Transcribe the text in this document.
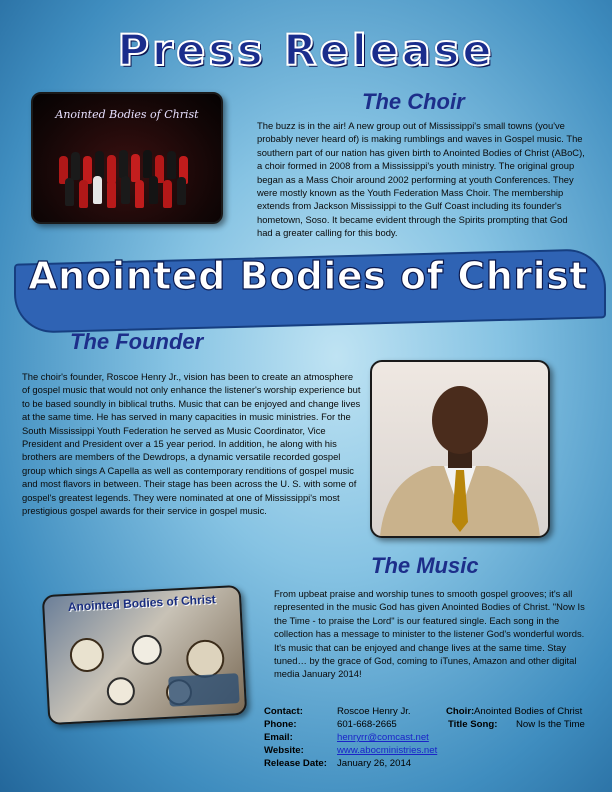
Press Release
Anointed Bodies of Christ
The Choir

The buzz is in the air! A new group out of Mississippi's small towns (you've probably never heard of) is making rumblings and waves in Gospel music. The southern part of our nation has given birth to Anointed Bodies of Christ (ABoC), a choir formed in 2008 from a Mississippi's youth ministry. The original group began as a Mass Choir around 2002 performing at youth Conferences. They were mostly known as the Youth Federation Mass Choir. The membership extends from Jackson Mississippi to the Gulf Coast including its founder's hometown, Soso. It became evident through the Spirits prompting that God had a greater calling for this body.

Anointed Bodies of Christ
The Founder

The choir's founder, Roscoe Henry Jr., vision has been to create an atmosphere of gospel music that would not only enhance the listener's worship experience but to be based soundly in biblical truths. Music that can be enjoyed and change lives at the same time. He has served in many capacities in music ministries. For the South Mississippi Youth Federation he served as Music Coordinator, Vice President and President over a 15 year period. In addition, he along with his brothers are members of the Dewdrops, a dynamic versatile recorded gospel group which sings A Capella as well as contemporary renditions of gospel music and most flavors in between. Their stage has been across the U. S. with some of gospel's greatest legends. They were nominated at one of Mississippi's most prestigious gospel awards for their service in gospel music.

The Music

From upbeat praise and worship tunes to smooth gospel grooves; it's all represented in the music God has given Anointed Bodies of Christ. "Now Is the Time - to praise the Lord" is our featured single. Each song in the collection has a message to minister to the listener God's wonderful words. It's music that can be enjoyed and change lives at the same time. Stay tuned… by the grace of God, coming to iTunes, Amazon and other digital media January 2014!

Anointed Bodies of Christ
Contact:	Roscoe Henry Jr.
Phone:	601-668-2665
Email:	henryrr@comcast.net
Website:	www.abocministries.net
Release Date: January 26, 2014
Choir: Anointed Bodies of Christ
Title Song: Now Is the Time
